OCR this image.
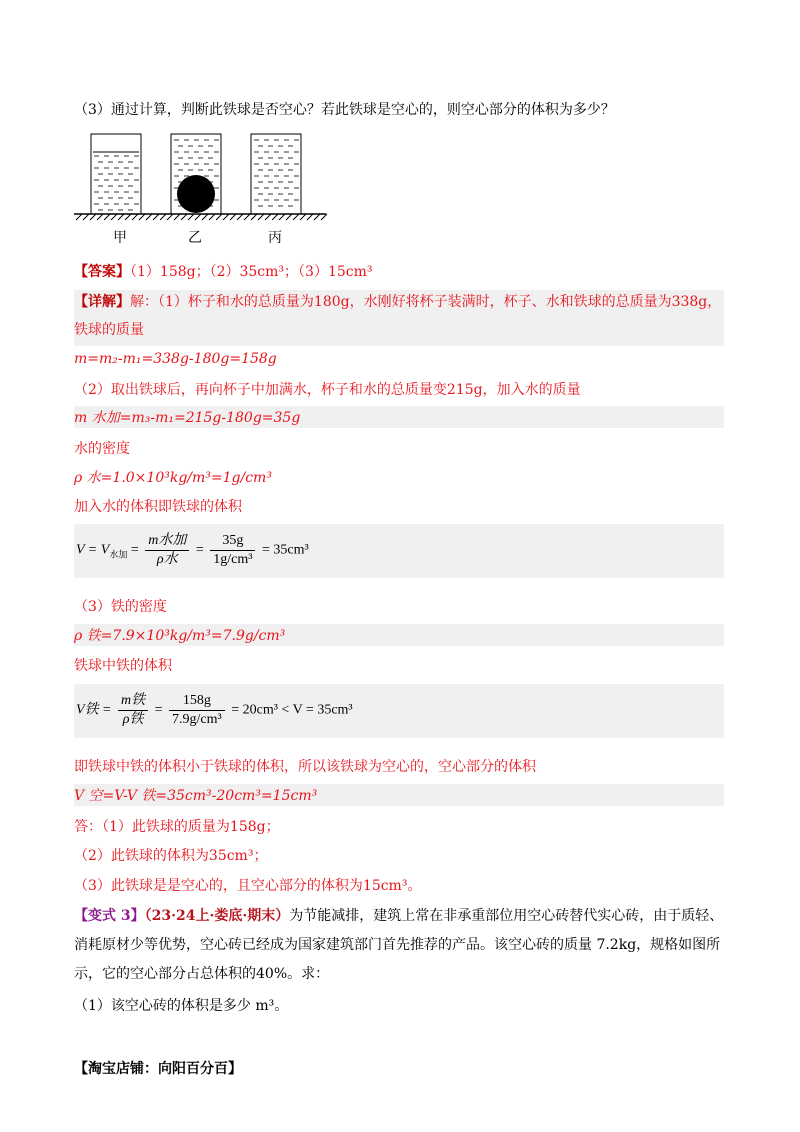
（3）通过计算，判断此铁球是否空心？若此铁球是空心的，则空心部分的体积为多少？
甲	乙	丙
【答案】（1）158g；（2）35cm³；（3）15cm³
【详解】解：（1）杯子和水的总质量为180g，水刚好将杯子装满时，杯子、水和铁球的总质量为338g，
铁球的质量
m=m₂-m₁=338g-180g=158g
（2）取出铁球后，再向杯子中加满水，杯子和水的总质量变215g，加入水的质量
m 水加=m₃-m₁=215g-180g=35g
水的密度
ρ 水=1.0×10³kg/m³=1g/cm³
加入水的体积即铁球的体积
$V = V_{水加} = \frac{\text{m水加}}{\text{ρ水}} = \frac{35g}{\text{1g/cm³}} = 35cm^3$
（3）铁的密度
ρ 铁=7.9×10³kg/m³=7.9g/cm³
铁球中铁的体积
V铁 = $\frac{\text{m铁}}{\text{ρ铁}} = \frac{158g}{\text{7.9g/cm³}} = 20cm^3 < V = 35cm^3$
即铁球中铁的体积小于铁球的体积，所以该铁球为空心的，空心部分的体积
V 空=V-V 铁=35cm³-20cm³=15cm³
答：（1）此铁球的质量为158g；
（2）此铁球的体积为35cm³；
（3）此铁球是是空心的，且空心部分的体积为15cm³。
【变式 3】（23·24上·娄底·期末）为节能减排，建筑上常在非承重部位用空心砖替代实心砖，由于质轻、
消耗原材少等优势，空心砖已经成为国家建筑部门首先推荐的产品。该空心砖的质量 7.2kg，规格如图所
示，它的空心部分占总体积的40%。求：
（1）该空心砖的体积是多少 m³。
【淘宝店铺：向阳百分百】
